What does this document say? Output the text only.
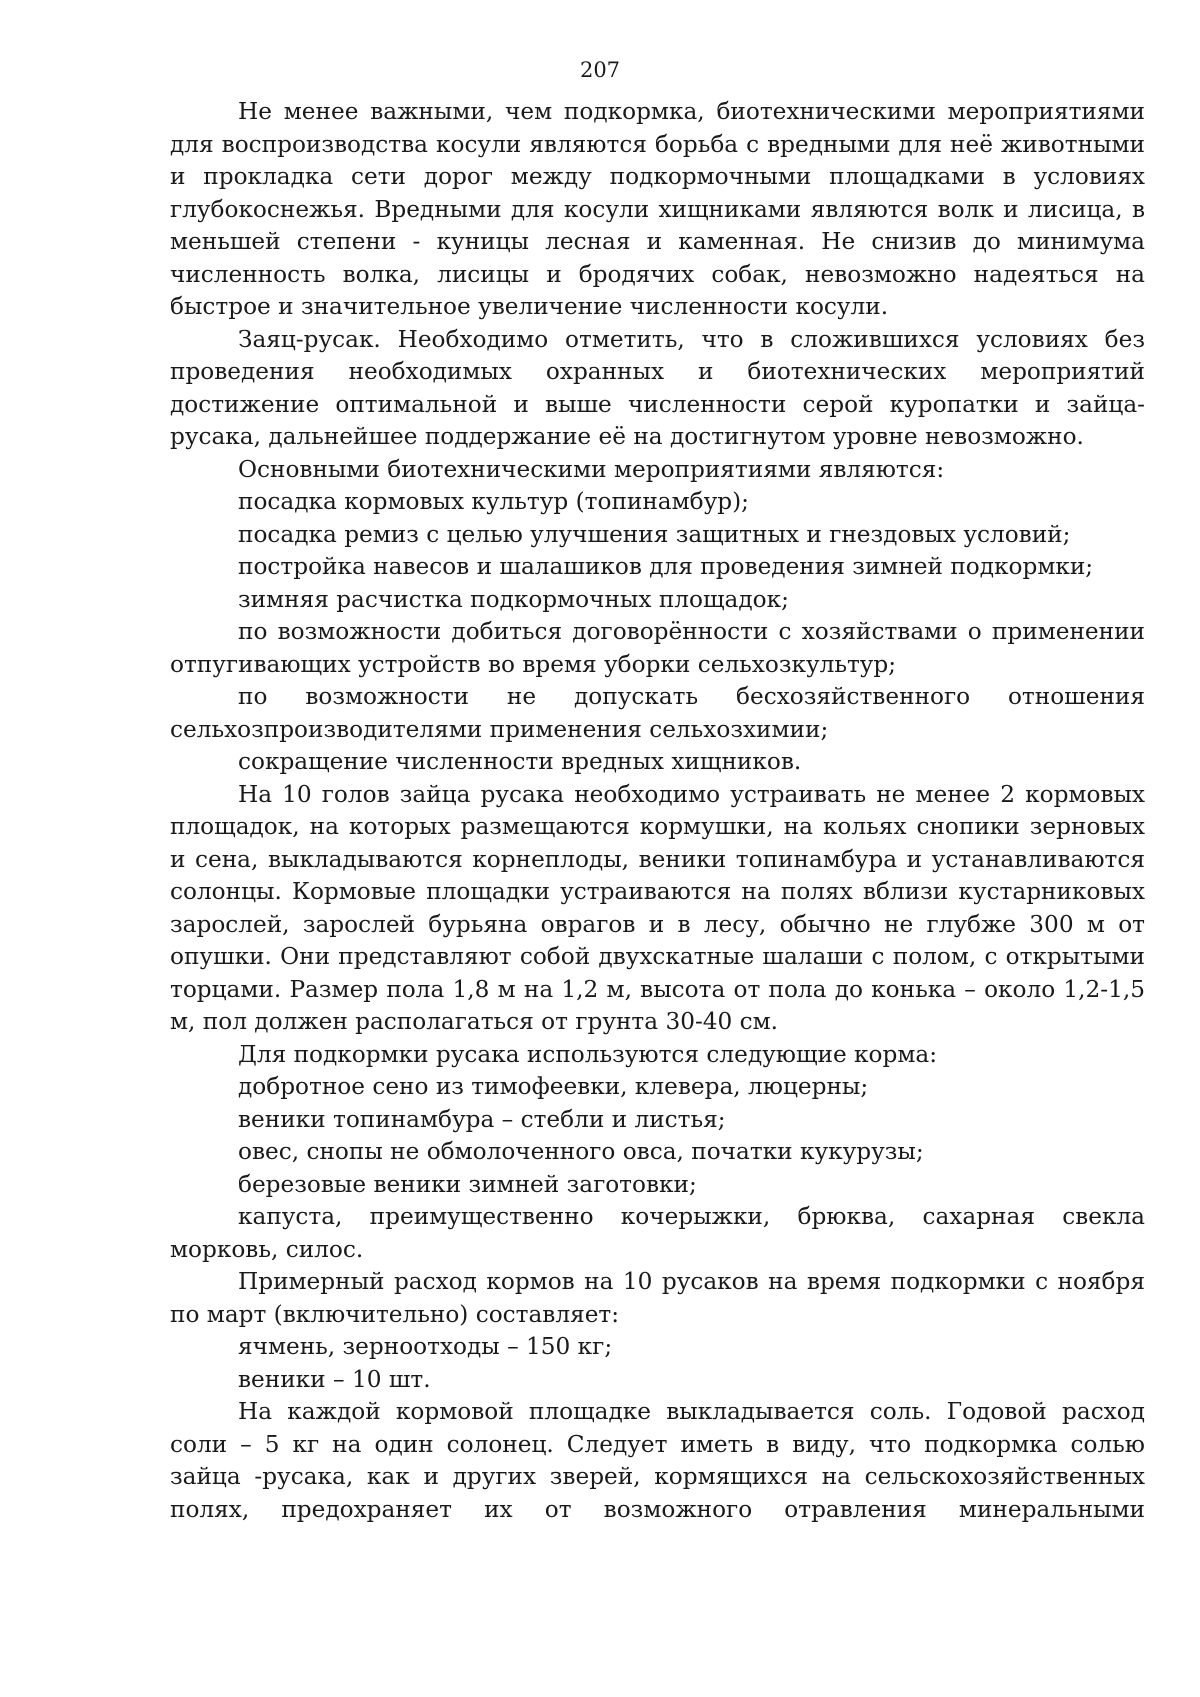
207

Не менее важными, чем подкормка, биотехническими мероприятиями для воспроизводства косули являются борьба с вредными для неё животными и прокладка сети дорог между подкормочными площадками в условиях глубокоснежья. Вредными для косули хищниками являются волк и лисица, в меньшей степени - куницы лесная и каменная. Не снизив до минимума численность волка, лисицы и бродячих собак, невозможно надеяться на быстрое и значительное увеличение численности косули.

Заяц-русак. Необходимо отметить, что в сложившихся условиях без проведения необходимых охранных и биотехнических мероприятий достижение оптимальной и выше численности серой куропатки и зайца-русака, дальнейшее поддержание её на достигнутом уровне невозможно.

Основными биотехническими мероприятиями являются:

посадка кормовых культур (топинамбур);

посадка ремиз с целью улучшения защитных и гнездовых условий;

постройка навесов и шалашиков для проведения зимней подкормки;

зимняя расчистка подкормочных площадок;

по возможности добиться договорённости с хозяйствами о применении отпугивающих устройств во время уборки сельхозкультур;

по возможности не допускать бесхозяйственного отношения сельхозпроизводителями применения сельхозхимии;

сокращение численности вредных хищников.

На 10 голов зайца русака необходимо устраивать не менее 2 кормовых площадок, на которых размещаются кормушки, на кольях снопики зерновых и сена, выкладываются корнеплоды, веники топинамбура и устанавливаются солонцы. Кормовые площадки устраиваются на полях вблизи кустарниковых зарослей, зарослей бурьяна оврагов и в лесу, обычно не глубже 300 м от опушки. Они представляют собой двухскатные шалаши с полом, с открытыми торцами. Размер пола 1,8 м на 1,2 м, высота от пола до конька – около 1,2-1,5 м, пол должен располагаться от грунта 30-40 см.

Для подкормки русака используются следующие корма:

добротное сено из тимофеевки, клевера, люцерны;

веники топинамбура – стебли и листья;

овес, снопы не обмолоченного овса, початки кукурузы;

березовые веники зимней заготовки;

капуста, преимущественно кочерыжки, брюква, сахарная свекла морковь, силос.

Примерный расход кормов на 10 русаков на время подкормки с ноября по март (включительно) составляет:

ячмень, зерноотходы – 150 кг;

веники – 10 шт.

На каждой кормовой площадке выкладывается соль. Годовой расход соли – 5 кг на один солонец. Следует иметь в виду, что подкормка солью зайца -русака, как и других зверей, кормящихся на сельскохозяйственных полях, предохраняет их от возможного отравления минеральными
